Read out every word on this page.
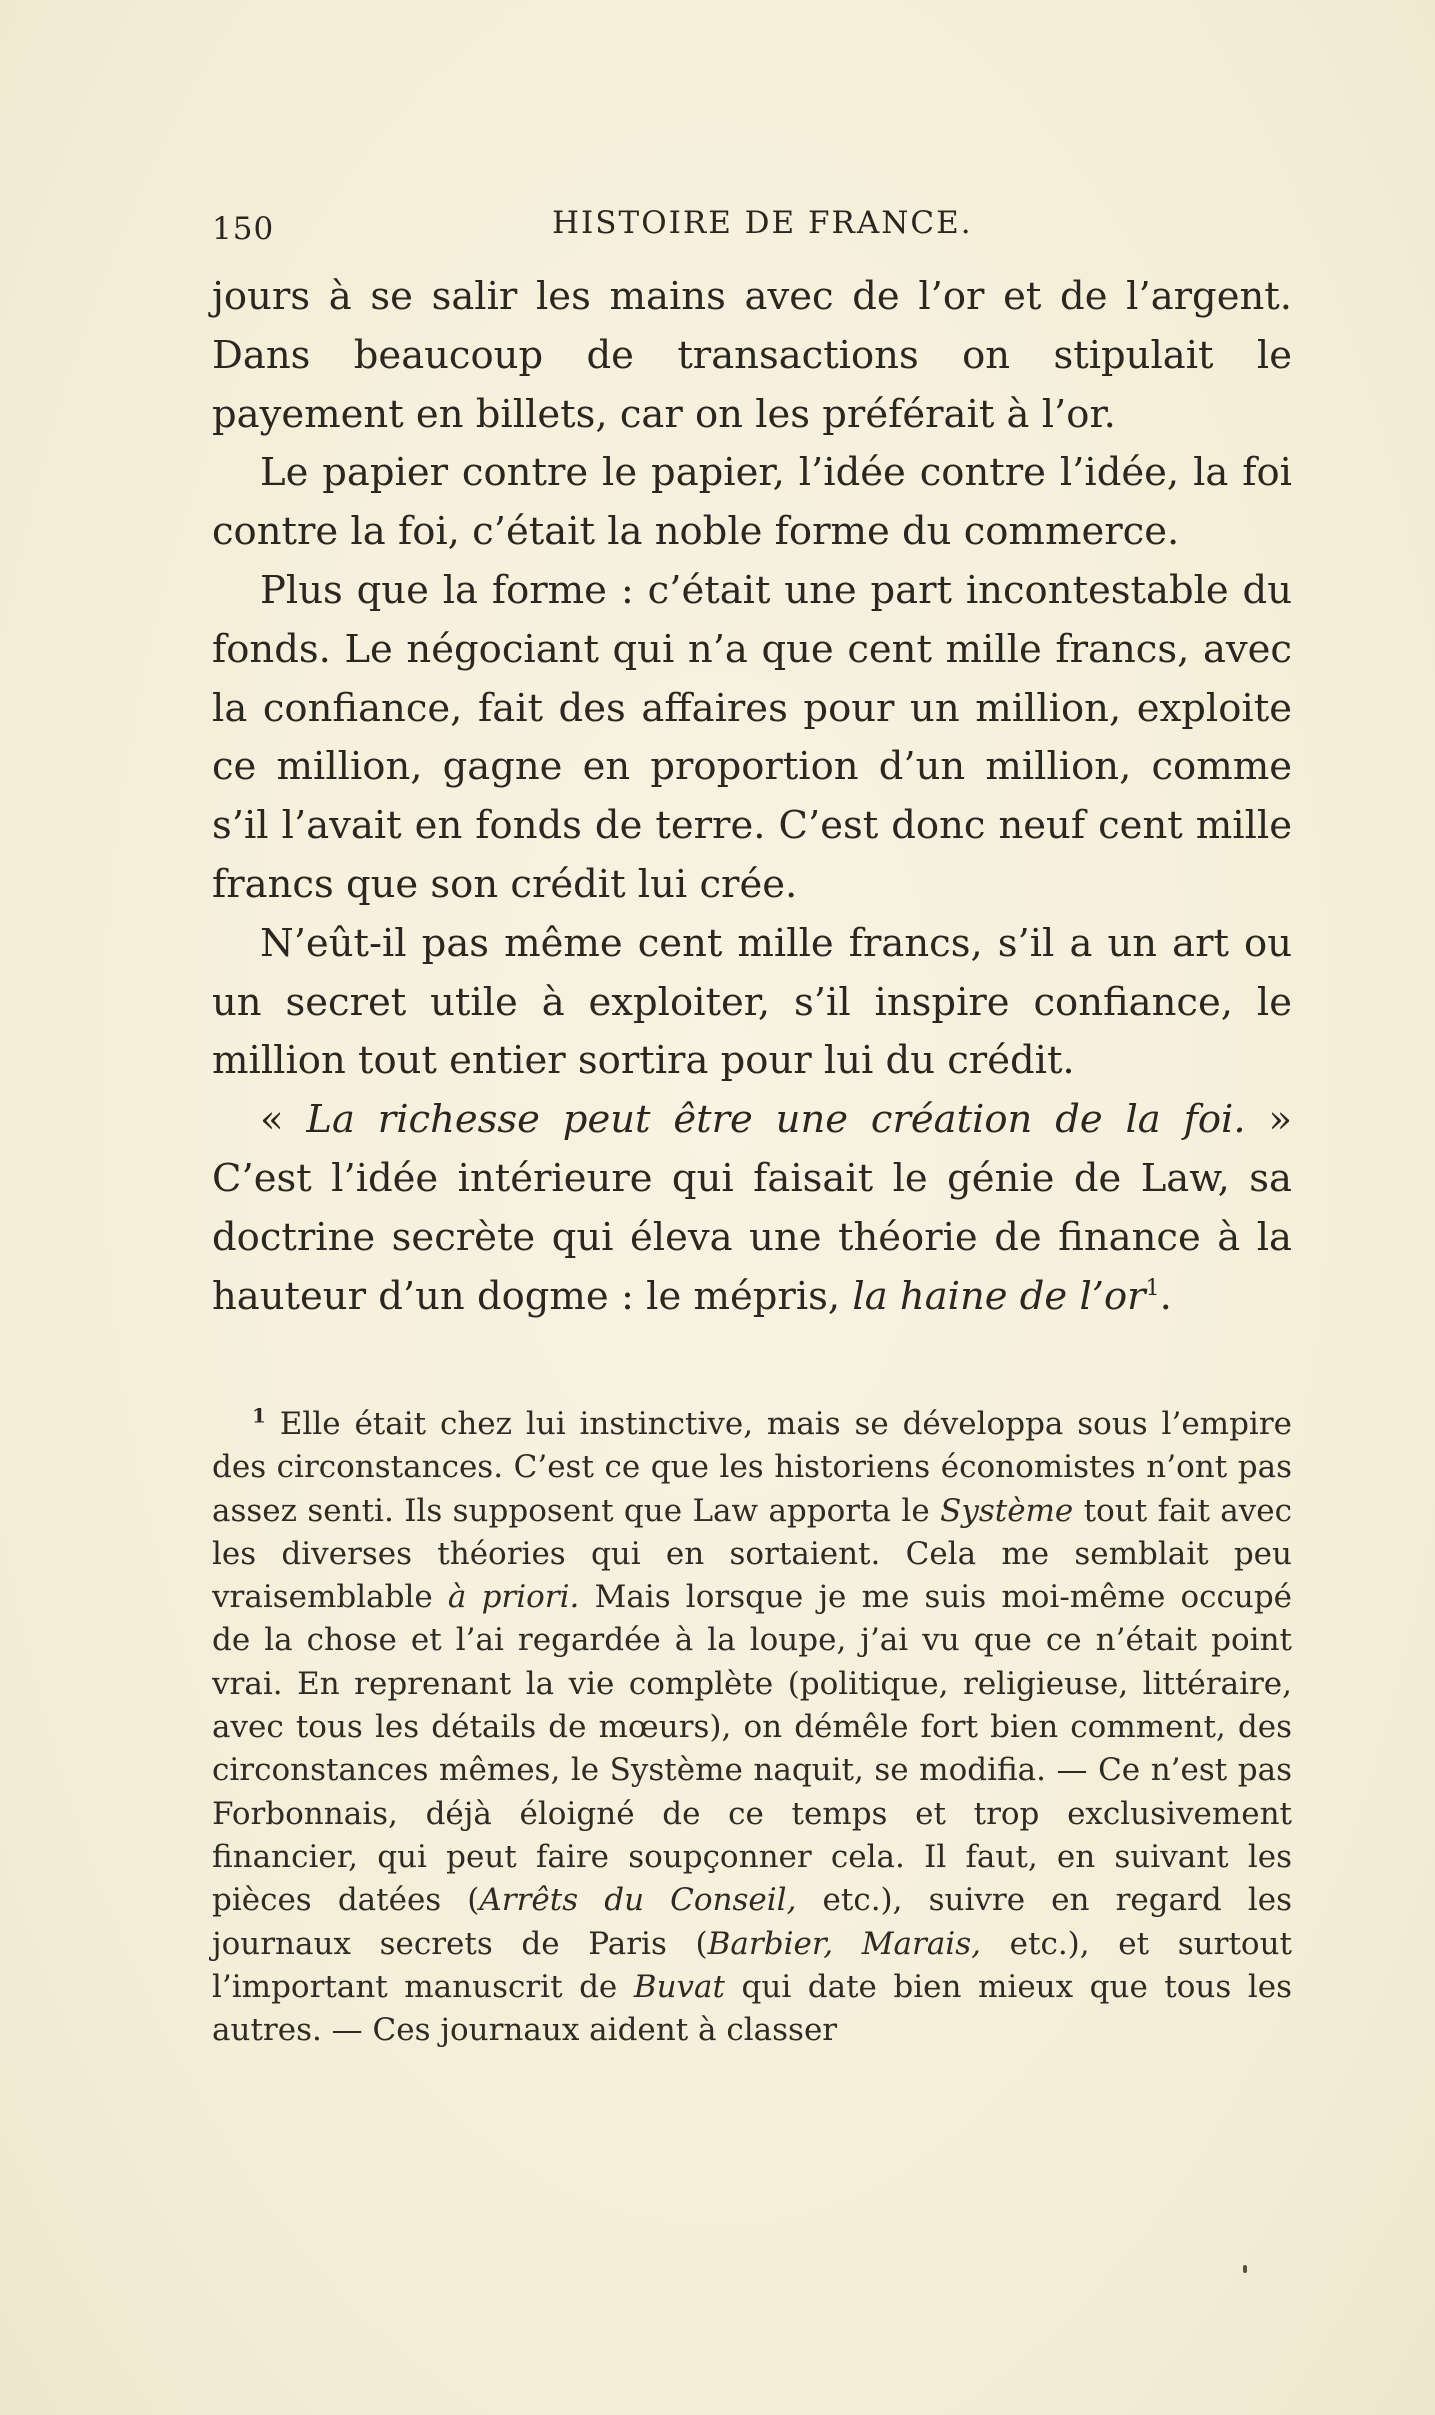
150	HISTOIRE DE FRANCE.

jours à se salir les mains avec de l’or et de l’argent. Dans beaucoup de transactions on stipulait le payement en billets, car on les préférait à l’or.

Le papier contre le papier, l’idée contre l’idée, la foi contre la foi, c’était la noble forme du commerce.

Plus que la forme : c’était une part incontestable du fonds. Le négociant qui n’a que cent mille francs, avec la confiance, fait des affaires pour un million, exploite ce million, gagne en proportion d’un million, comme s’il l’avait en fonds de terre. C’est donc neuf cent mille francs que son crédit lui crée.

N’eût-il pas même cent mille francs, s’il a un art ou un secret utile à exploiter, s’il inspire confiance, le million tout entier sortira pour lui du crédit.

« La richesse peut être une création de la foi. » C’est l’idée intérieure qui faisait le génie de Law, sa doctrine secrète qui éleva une théorie de finance à la hauteur d’un dogme : le mépris, la haine de $l’or^1$.

$^1$ Elle était chez lui instinctive, mais se développa sous l’empire des circonstances. C’est ce que les historiens économistes n’ont pas assez senti. Ils supposent que Law apporta le Système tout fait avec les diverses théories qui en sortaient. Cela me semblait peu vraisemblable à priori. Mais lorsque je me suis moi-même occupé de la chose et l’ai regardée à la loupe, j’ai vu que ce n’était point vrai. En reprenant la vie complète (politique, religieuse, littéraire, avec tous les détails de mœurs), on démêle fort bien comment, des circonstances mêmes, le Système naquit, se modifia. — Ce n’est pas Forbonnais, déjà éloigné de ce temps et trop exclusivement financier, qui peut faire soupçonner cela. Il faut, en suivant les pièces datées (Arrêts du Conseil, etc.), suivre en regard les journaux secrets de Paris (Barbier, Marais, etc.), et surtout l’important manuscrit de Buvat qui date bien mieux que tous les autres. — Ces journaux aident à classer
